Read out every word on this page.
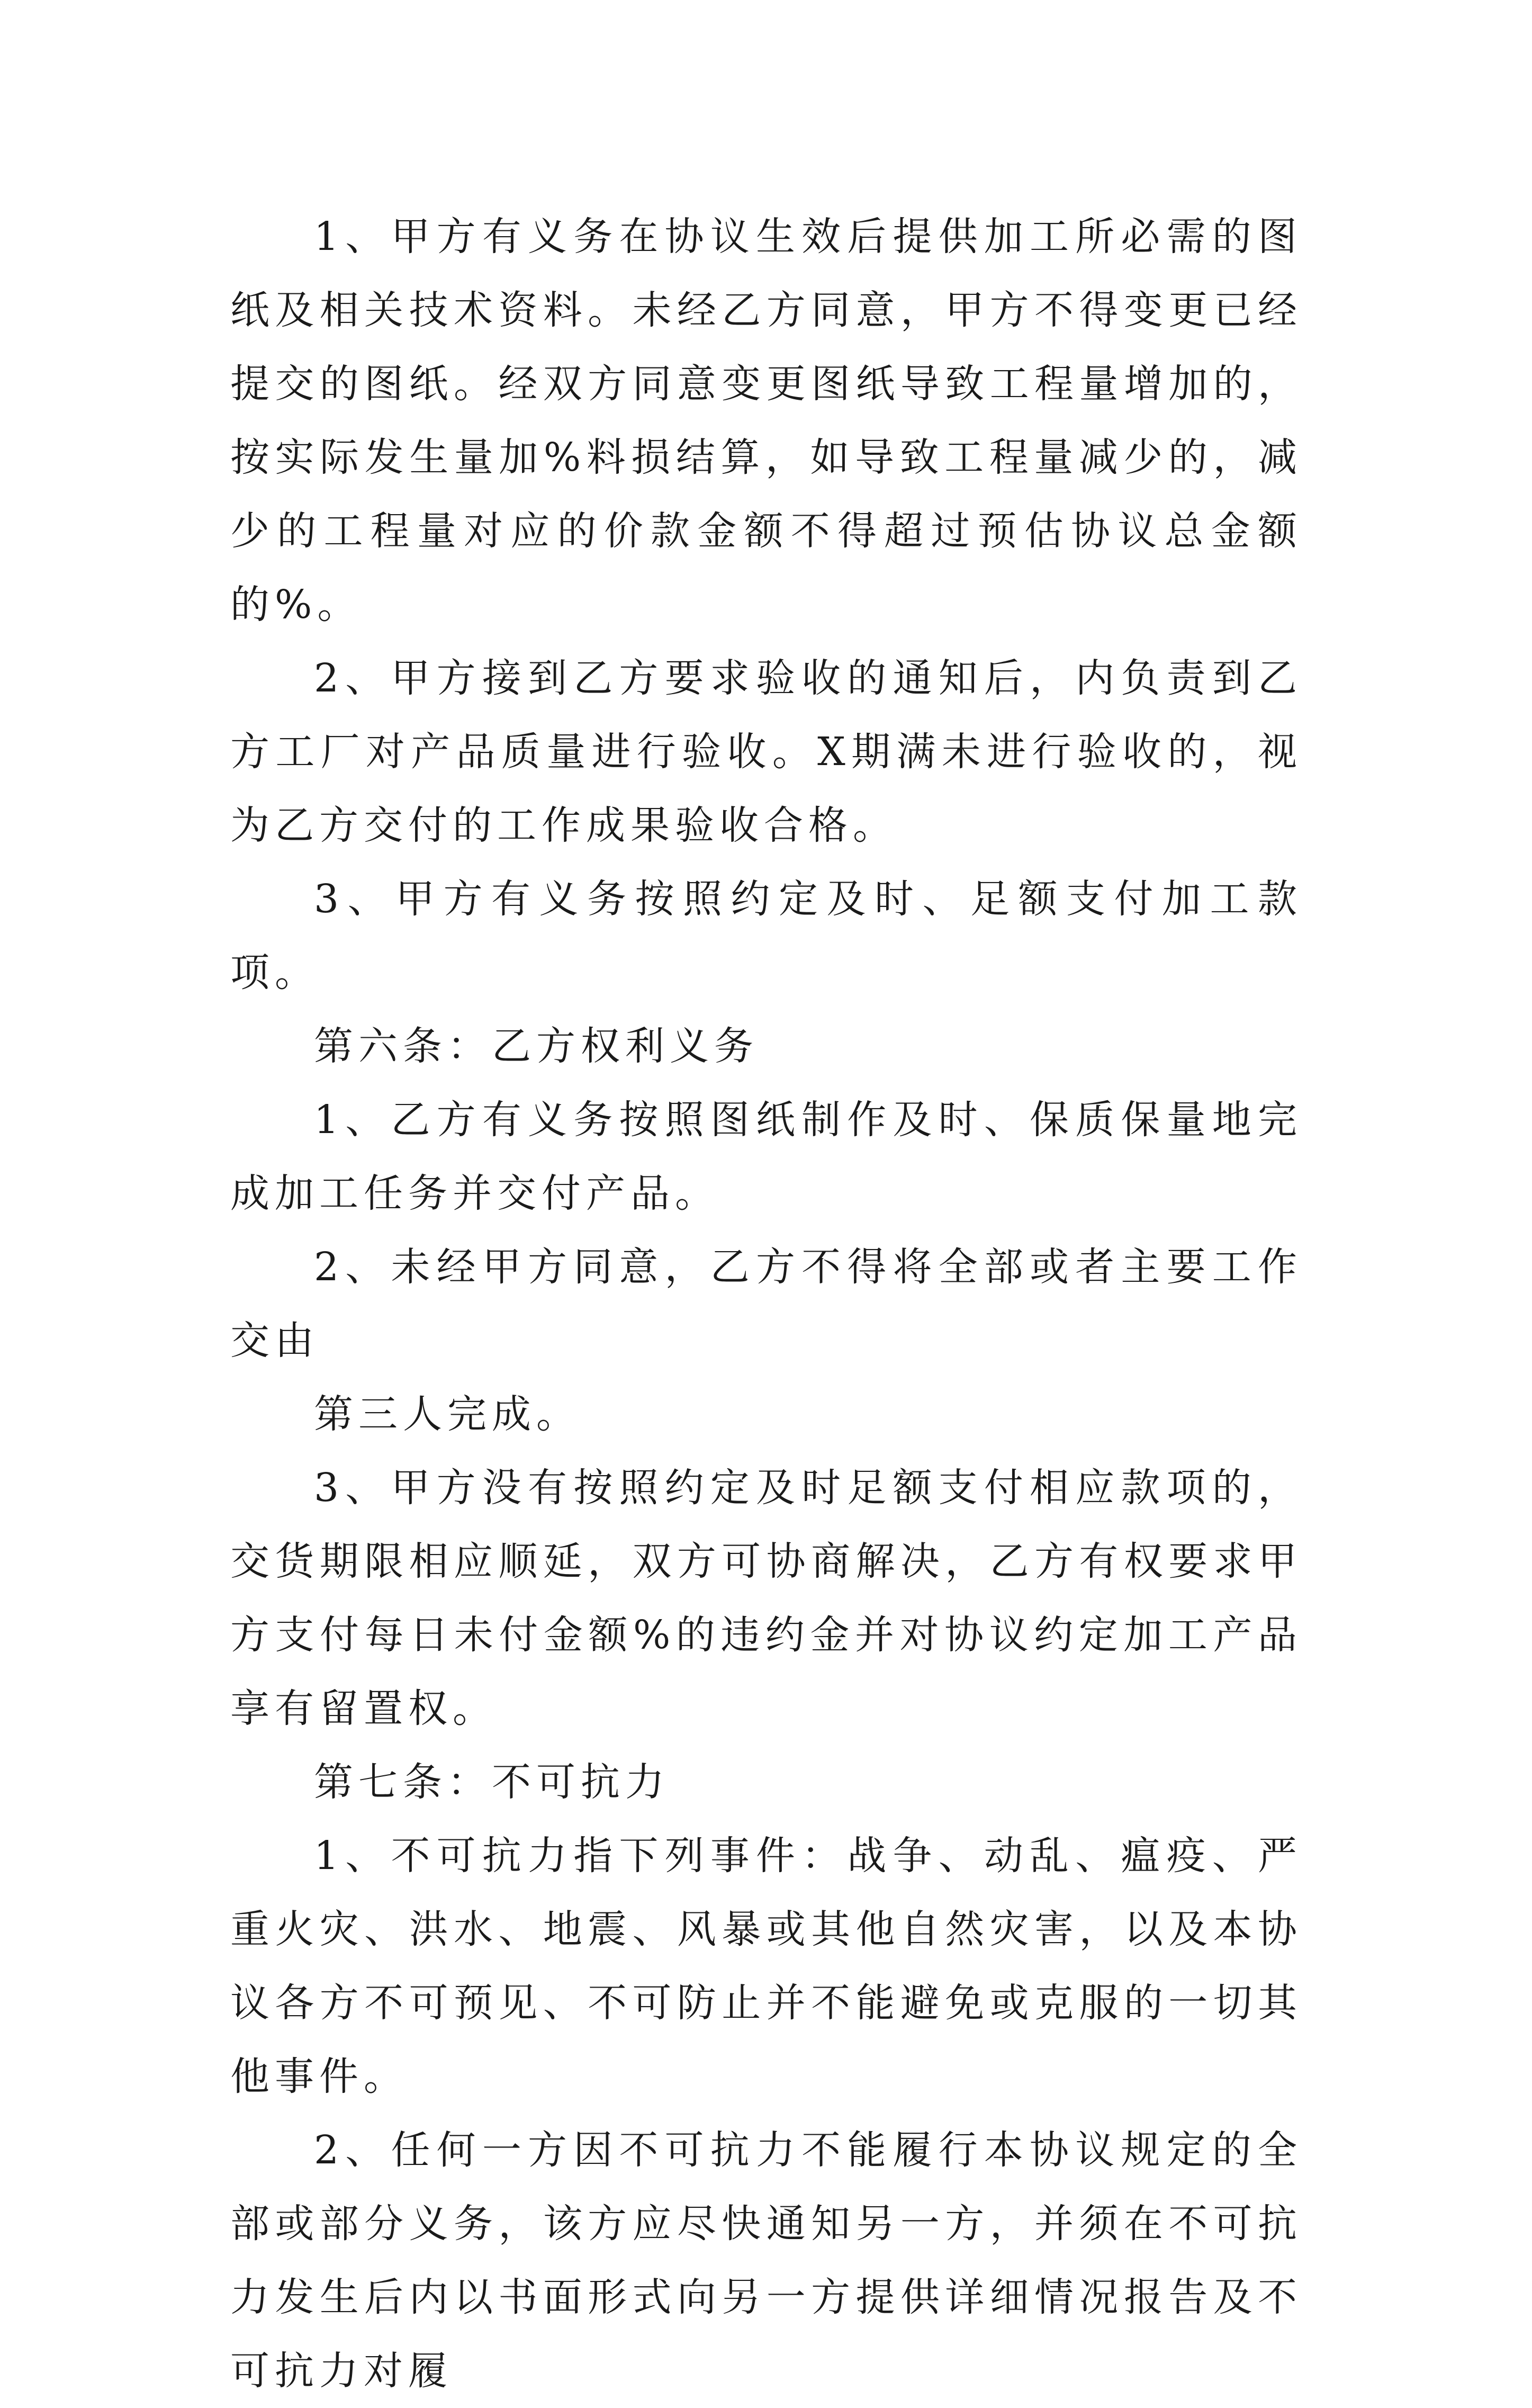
1、甲方有义务在协议生效后提供加工所必需的图纸及相关技术资料。未经乙方同意，甲方不得变更已经提交的图纸。经双方同意变更图纸导致工程量增加的，按实际发生量加%料损结算，如导致工程量减少的，减少的工程量对应的价款金额不得超过预估协议总金额的%。

2、甲方接到乙方要求验收的通知后，内负责到乙方工厂对产品质量进行验收。X期满未进行验收的，视为乙方交付的工作成果验收合格。

3、甲方有义务按照约定及时、足额支付加工款项。

第六条：乙方权利义务

1、乙方有义务按照图纸制作及时、保质保量地完成加工任务并交付产品。

2、未经甲方同意，乙方不得将全部或者主要工作交由

第三人完成。

3、甲方没有按照约定及时足额支付相应款项的，交货期限相应顺延，双方可协商解决，乙方有权要求甲方支付每日未付金额%的违约金并对协议约定加工产品享有留置权。

第七条：不可抗力

1、不可抗力指下列事件：战争、动乱、瘟疫、严重火灾、洪水、地震、风暴或其他自然灾害，以及本协议各方不可预见、不可防止并不能避免或克服的一切其他事件。

2、任何一方因不可抗力不能履行本协议规定的全部或部分义务，该方应尽快通知另一方，并须在不可抗力发生后内以书面形式向另一方提供详细情况报告及不可抗力对履
